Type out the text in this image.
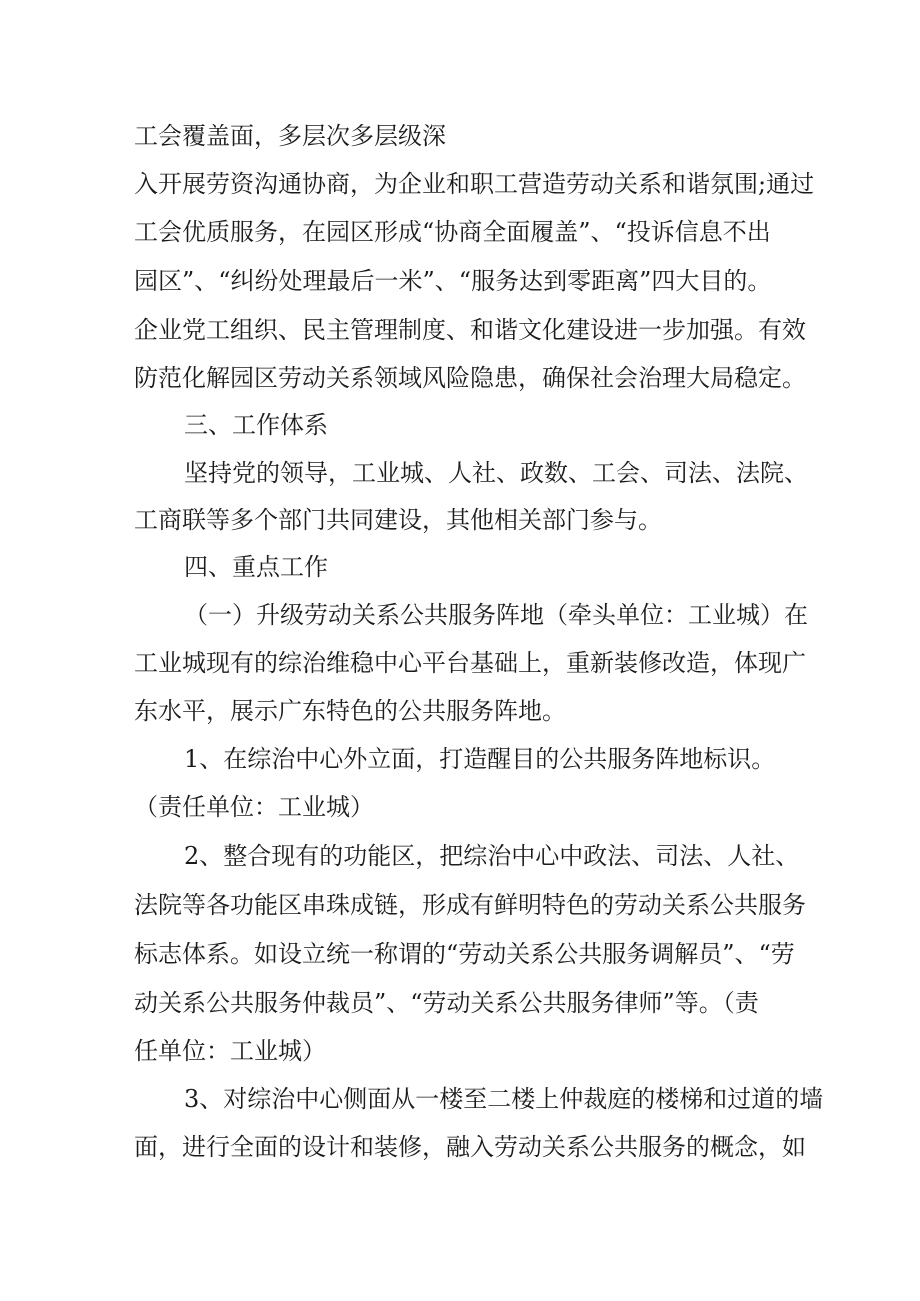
工会覆盖面，多层次多层级深
入开展劳资沟通协商，为企业和职工营造劳动关系和谐氛围;通过
工会优质服务，在园区形成“协商全面履盖”、“投诉信息不出
园区”、“纠纷处理最后一米”、“服务达到零距离”四大目的。
企业党工组织、民主管理制度、和谐文化建设进一步加强。有效
防范化解园区劳动关系领域风险隐患，确保社会治理大局稳定。
三、工作体系
坚持党的领导，工业城、人社、政数、工会、司法、法院、
工商联等多个部门共同建设，其他相关部门参与。
四、重点工作
（一）升级劳动关系公共服务阵地（牵头单位：工业城）在
工业城现有的综治维稳中心平台基础上，重新装修改造，体现广
东水平，展示广东特色的公共服务阵地。
1、在综治中心外立面，打造醒目的公共服务阵地标识。
（责任单位：工业城）
2、整合现有的功能区，把综治中心中政法、司法、人社、
法院等各功能区串珠成链，形成有鲜明特色的劳动关系公共服务
标志体系。如设立统一称谓的“劳动关系公共服务调解员”、“劳
动关系公共服务仲裁员”、“劳动关系公共服务律师”等。（责
任单位：工业城）
3、对综治中心侧面从一楼至二楼上仲裁庭的楼梯和过道的墙
面，进行全面的设计和装修，融入劳动关系公共服务的概念，如
